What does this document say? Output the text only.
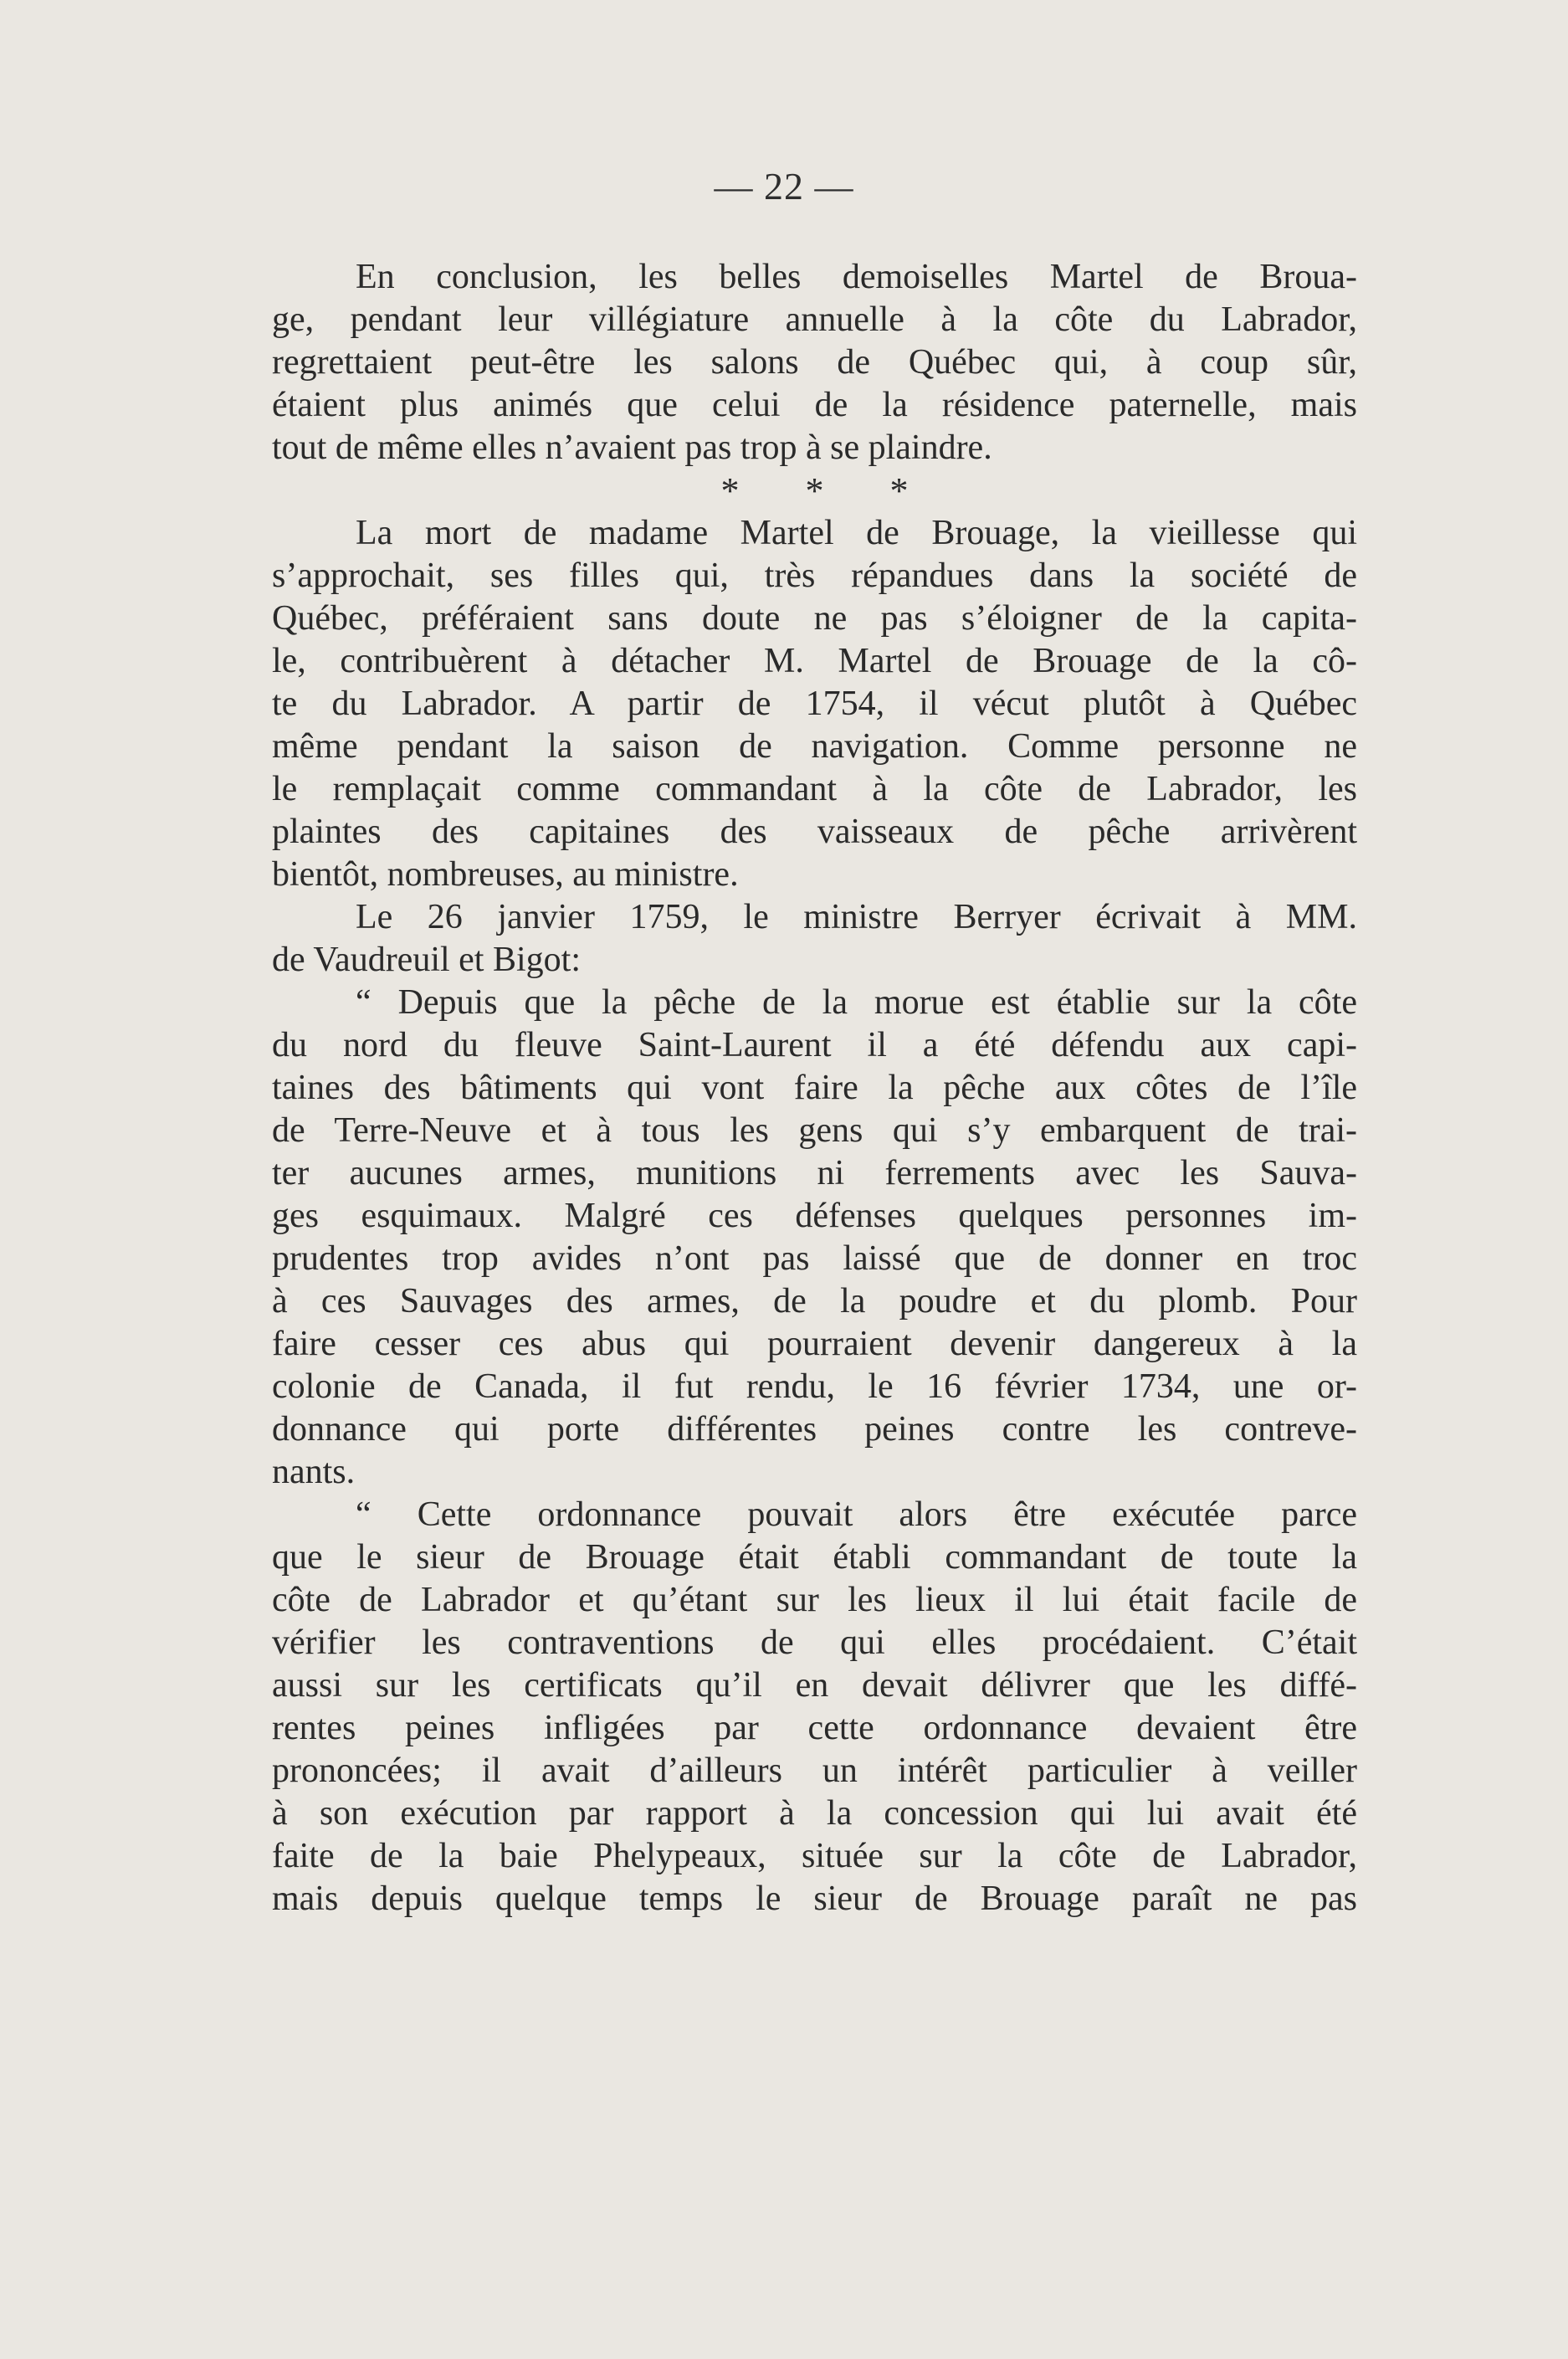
— 22 —
En conclusion, les belles demoiselles Martel de Broua-
ge, pendant leur villégiature annuelle à la côte du Labrador,
regrettaient peut-être les salons de Québec qui, à coup sûr,
étaient plus animés que celui de la résidence paternelle, mais
tout de même elles n’avaient pas trop à se plaindre.
* * *
La mort de madame Martel de Brouage, la vieillesse qui
s’approchait, ses filles qui, très répandues dans la société de
Québec, préféraient sans doute ne pas s’éloigner de la capita-
le, contribuèrent à détacher M. Martel de Brouage de la cô-
te du Labrador. A partir de 1754, il vécut plutôt à Québec
même pendant la saison de navigation. Comme personne ne
le remplaçait comme commandant à la côte de Labrador, les
plaintes des capitaines des vaisseaux de pêche arrivèrent
bientôt, nombreuses, au ministre.
Le 26 janvier 1759, le ministre Berryer écrivait à MM.
de Vaudreuil et Bigot:
“ Depuis que la pêche de la morue est établie sur la côte
du nord du fleuve Saint-Laurent il a été défendu aux capi-
taines des bâtiments qui vont faire la pêche aux côtes de l’île
de Terre-Neuve et à tous les gens qui s’y embarquent de trai-
ter aucunes armes, munitions ni ferrements avec les Sauva-
ges esquimaux. Malgré ces défenses quelques personnes im-
prudentes trop avides n’ont pas laissé que de donner en troc
à ces Sauvages des armes, de la poudre et du plomb. Pour
faire cesser ces abus qui pourraient devenir dangereux à la
colonie de Canada, il fut rendu, le 16 février 1734, une or-
donnance qui porte différentes peines contre les contreve-
nants.
“ Cette ordonnance pouvait alors être exécutée parce
que le sieur de Brouage était établi commandant de toute la
côte de Labrador et qu’étant sur les lieux il lui était facile de
vérifier les contraventions de qui elles procédaient. C’était
aussi sur les certificats qu’il en devait délivrer que les diffé-
rentes peines infligées par cette ordonnance devaient être
prononcées; il avait d’ailleurs un intérêt particulier à veiller
à son exécution par rapport à la concession qui lui avait été
faite de la baie Phelypeaux, située sur la côte de Labrador,
mais depuis quelque temps le sieur de Brouage paraît ne pas
